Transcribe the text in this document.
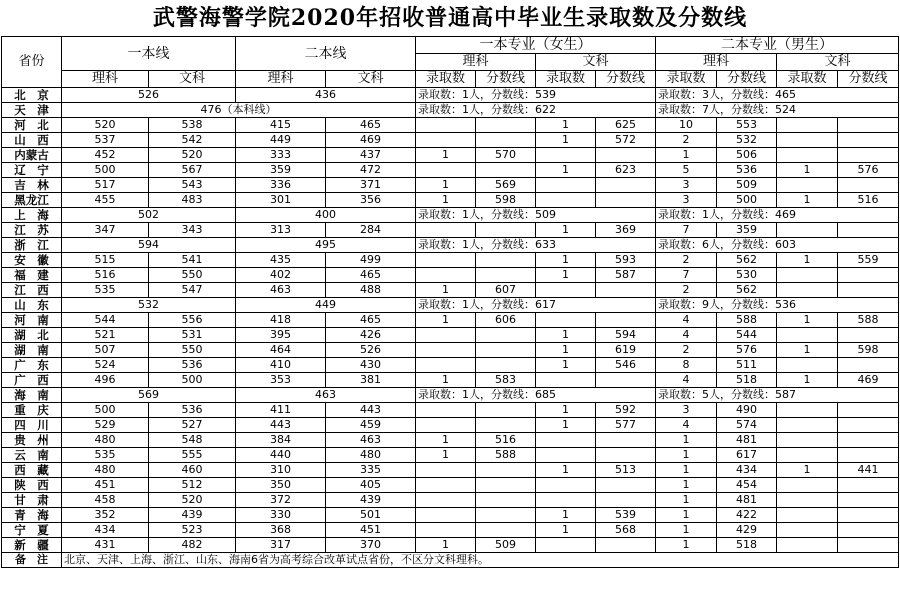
武警海警学院2020年招收普通高中毕业生录取数及分数线
省份	一本线		二本线		一本专业（女生）				二本专业（男生）			
					理科		文科		理科		文科	
	理科	文科	理科	文科	录取数	分数线	录取数	分数线	录取数	分数线	录取数	分数线
北　京	526		436		录取数：1人，分数线：539				录取数：3人，分数线：465			
天　津	476（本科线）				录取数：1人，分数线：622				录取数：7人，分数线：524			
河　北	520	538	415	465			1	625	10	553		
山　西	537	542	449	469			1	572	2	532		
内蒙古	452	520	333	437	1	570			1	506		
辽　宁	500	567	359	472			1	623	5	536	1	576
吉　林	517	543	336	371	1	569			3	509		
黑龙江	455	483	301	356	1	598			3	500	1	516
上　海	502		400		录取数：1人，分数线：509				录取数：1人，分数线：469			
江　苏	347	343	313	284			1	369	7	359		
浙　江	594		495		录取数：1人，分数线：633				录取数：6人，分数线：603			
安　徽	515	541	435	499			1	593	2	562	1	559
福　建	516	550	402	465			1	587	7	530		
江　西	535	547	463	488	1	607			2	562		
山　东	532		449		录取数：1人，分数线：617				录取数：9人，分数线：536			
河　南	544	556	418	465	1	606			4	588	1	588
湖　北	521	531	395	426			1	594	4	544		
湖　南	507	550	464	526			1	619	2	576	1	598
广　东	524	536	410	430			1	546	8	511		
广　西	496	500	353	381	1	583			4	518	1	469
海　南	569		463		录取数：1人，分数线：685				录取数：5人，分数线：587			
重　庆	500	536	411	443			1	592	3	490		
四　川	529	527	443	459			1	577	4	574		
贵　州	480	548	384	463	1	516			1	481		
云　南	535	555	440	480	1	588			1	617		
西　藏	480	460	310	335			1	513	1	434	1	441
陕　西	451	512	350	405					1	454		
甘　肃	458	520	372	439					1	481		
青　海	352	439	330	501			1	539	1	422		
宁　夏	434	523	368	451			1	568	1	429		
新　疆	431	482	317	370	1	509			1	518		
备　注	北京、天津、上海、浙江、山东、海南6省为高考综合改革试点省份，不区分文科理科。											
